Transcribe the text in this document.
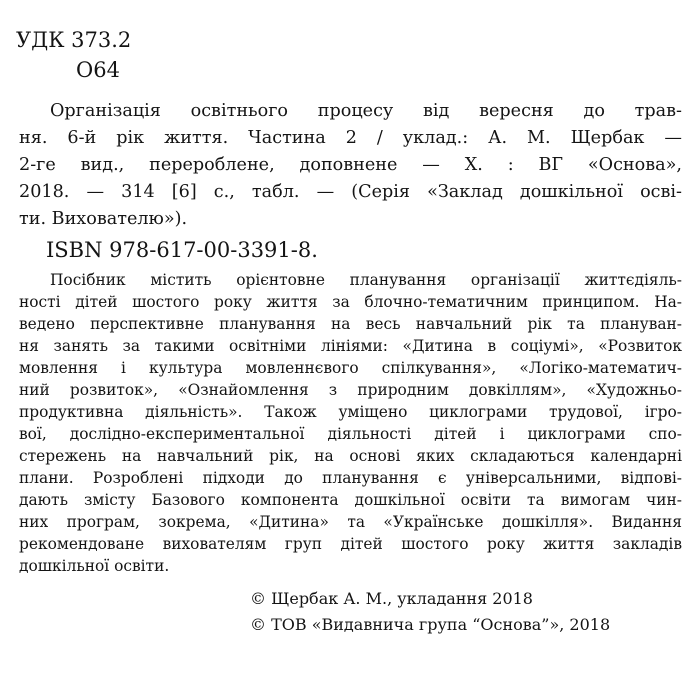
УДК 373.2
О64
Організація освітнього процесу від вересня до трав-
ня. 6-й рік життя. Частина 2 / уклад.: А. М. Щербак —
2-ге вид., перероблене, доповнене — Х. : ВГ «Основа»,
2018. — 314 [6] с., табл. — (Серія «Заклад дошкільної осві-
ти. Вихователю»).
ISBN 978-617-00-3391-8.
Посібник містить орієнтовне планування організації життєдіяль-
ності дітей шостого року життя за блочно-тематичним принципом. На-
ведено перспективне планування на весь навчальний рік та плануван-
ня занять за такими освітніми лініями: «Дитина в соціумі», «Розвиток
мовлення і культура мовленнєвого спілкування», «Логіко-математич-
ний розвиток», «Ознайомлення з природним довкіллям», «Художньо-
продуктивна діяльність». Також уміщено циклограми трудової, ігро-
вої, дослідно-експериментальної діяльності дітей і циклограми спо-
стережень на навчальний рік, на основі яких складаються календарні
плани. Розроблені підходи до планування є універсальними, відпові-
дають змісту Базового компонента дошкільної освіти та вимогам чин-
них програм, зокрема, «Дитина» та «Українське дошкілля». Видання
рекомендоване вихователям груп дітей шостого року життя закладів
дошкільної освіти.
© Щербак А. М., укладання 2018
© ТОВ «Видавнича група “Основа”», 2018
